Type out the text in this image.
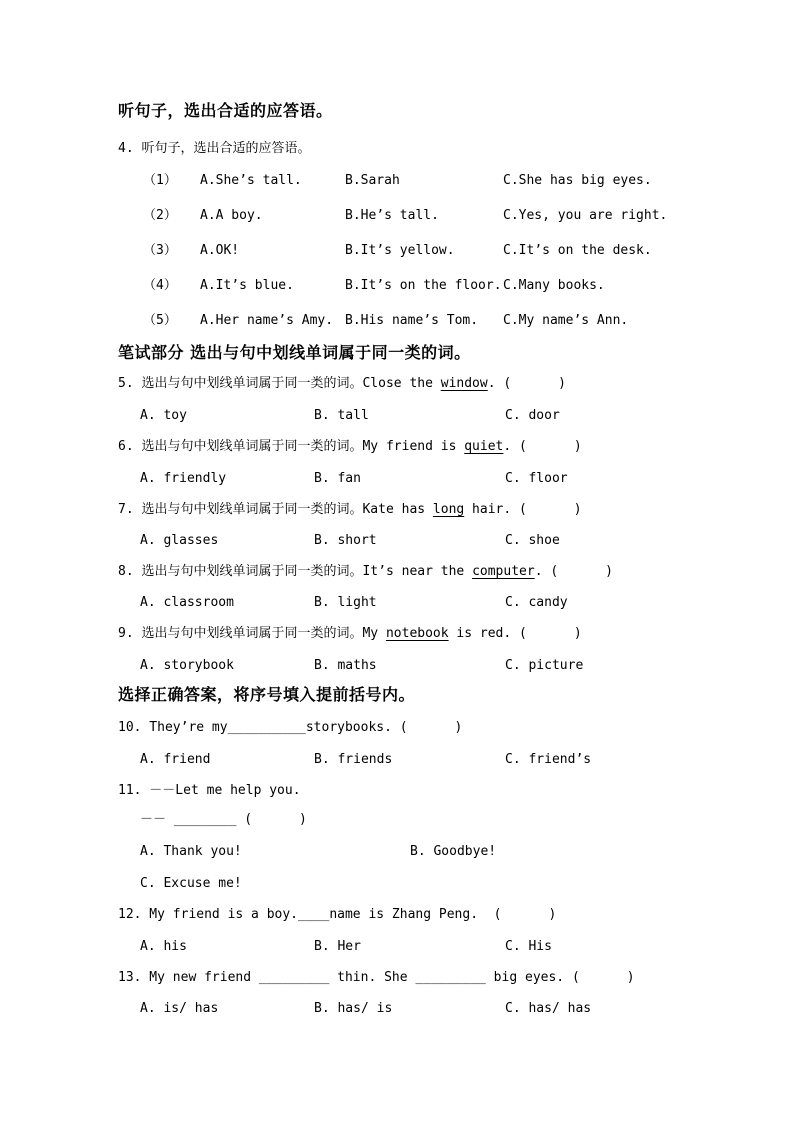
听句子，选出合适的应答语。
4. 听句子，选出合适的应答语。

（1）

A.She’s tall.

	B.Sarah

	C.She has big eyes.

（2）

A.A boy.

	B.He’s tall.

	C.Yes, you are right.

（3）

A.OK!

	B.It’s yellow.

	C.It’s on the desk.

（4）

A.It’s blue.

	B.It’s on the floor.

C.Many books.

（5）

A.Her name’s Amy.

B.His name’s Tom.

C.My name’s Ann.

笔试部分 选出与句中划线单词属于同一类的词。
5. 选出与句中划线单词属于同一类的词。Close the window. (      )

A. toy

	B. tall

	C. door

6. 选出与句中划线单词属于同一类的词。My friend is quiet. (      )

A. friendly

	B. fan

	C. floor

7. 选出与句中划线单词属于同一类的词。Kate has long hair. (      )

A. glasses

	B. short

	C. shoe

8. 选出与句中划线单词属于同一类的词。It’s near the computer. (      )

A. classroom

	B. light

	C. candy

9. 选出与句中划线单词属于同一类的词。My notebook is red. (      )

A. storybook

	B. maths

	C. picture

选择正确答案，将序号填入提前括号内。
10. They’re my__________storybooks. (      )

A. friend

	B. friends

	C. friend’s

11. －－Let me help you.

－－ ________ (      )

A. Thank you!

	B. Goodbye!

C. Excuse me!

12. My friend is a boy.____name is Zhang Peng.  (      )

A. his

	B. Her

	C. His

13. My new friend _________ thin. She _________ big eyes. (      )

A. is/ has

	B. has/ is

	C. has/ has
